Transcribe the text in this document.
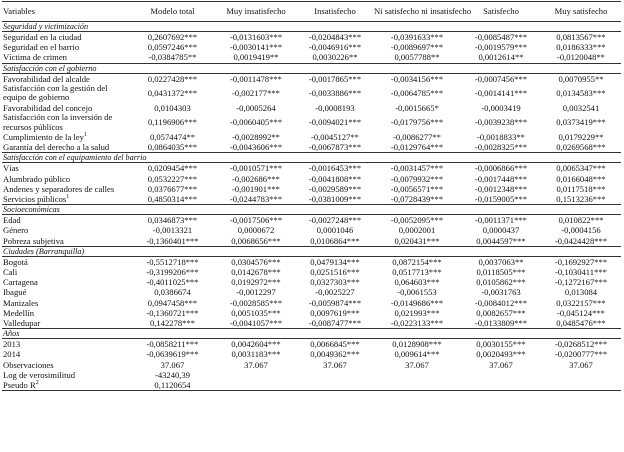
Variables	Modelo total	Muy insatisfecho	Insatisfecho	Ni satisfecho ni insatisfecho	Satisfecho	Muy satisfecho
Seguridad y victimización						
Seguridad en la ciudad	0,2607692***	-0,0131603***	-0,0204843***	-0,0391633***	-0,0085487***	0,0813567***
Seguridad en el barrio	0,0597246***	-0,0030141***	-0,0046916***	-0,0089697***	-0,0019579***	0,0186333***
Víctima de crimen	-0,0384785**	0,0019419**	0,0030226**	0,0057788**	0,0012614**	-0,0120048**
Satisfacción con el gobierno						
Favorabilidad del alcalde	0,0227428***	-0,0011478***	-0,0017865***	-0,0034156***	-0,0007456***	0,0070955**
Satisfacción con la gestión del equipo de gobierno	0,0431372***	-0,002177***	-0,0033886***	-0,0064785***	-0,0014141***	0,0134583***
Favorabilidad del concejo	0,0104303	-0,0005264	-0,0008193	-0,0015665*	-0,0003419	0,0032541
Satisfacción con la inversión de recursos públicos	0,1196906***	-0,0060405***	-0,0094021***	-0,0179756***	-0,0039238***	0,0373419***
Cumplimiento de la ley$^1$	0,0574474**	-0,0028992**	-0,0045127**	-0,0086277**	-0,0018833**	0,0179229**
Garantía del derecho a la salud	0,0864035***	-0,0043606***	-0,0067873***	-0,0129764***	-0,0028325***	0,0269568***
Satisfacción con el equipamiento del barrio						
Vías	0,0209454***	-0,0010571***	-0,0016453***	-0,0031457***	-0,0006866***	0,0065347***
Alumbrado público	0,0532227***	-0,002686***	-0,0041808***	-0,0079932***	-0,0017448***	0,0166048***
Andenes y separadores de calles	0,0376677***	-0,001901***	-0,0029589***	-0,0056571***	-0,0012348***	0,0117518***
Servicios públicos$^1$	0,4850314***	-0,0244783***	-0,0381009***	-0,0728439***	-0,0159005***	0,1513236***
Socioeconómicas						
Edad	0,0346873***	-0,0017506***	-0,0027248***	-0,0052095***	-0,0011371***	0,010822***
Género	-0,0013321	0,0000672	0,0001046	0,0002001	0,0000437	-0,0004156
Pobreza subjetiva	-0,1360401***	0,0068656***	0,0106864***	0,020431***	0,0044597***	-0,0424428***
Ciudades (Barranquilla)						
Bogotá	-0,5512718***	0,0304576***	0,0479134***	0,0872154***	0,0037063**	-0,1692927***
Cali	-0,3199206***	0,0142678***	0,0251516***	0,0517713***	0,0118505***	-0,1030411***
Cartagena	-0,4011025***	0,0192972***	0,0327303***	0,064603***	0,0105862***	-0,1272167***
Ibagué	0,0386674	-0,0012297	-0,0025227	-0,0061553	-0,0031763	0,013084
Manizales	0,0947458***	-0,0028585***	-0,0059874***	-0,0149686***	-0,0084012***	0,0322157***
Medellín	-0,1360721***	0,0051035***	0,0097619***	0,021993***	0,0082657***	-0,045124***
Valledupar	0,142278***	-0,0041057***	-0,0087477***	-0,0223133***	-0,0133809***	0,0485476***
Años						
2013	-0,0858211***	0,0042604***	0,0066845***	0,0128908***	0,0030155***	-0,0268512***
2014	-0,0639619***	0,0031183***	0,0049362***	0,009614***	0,0020493***	-0,0200777***
Observaciones	37.067	37.067	37.067	37.067	37.067	37.067
Log de verosimilitud	-43240,39					
Pseudo $R^2$	0,1120654					
